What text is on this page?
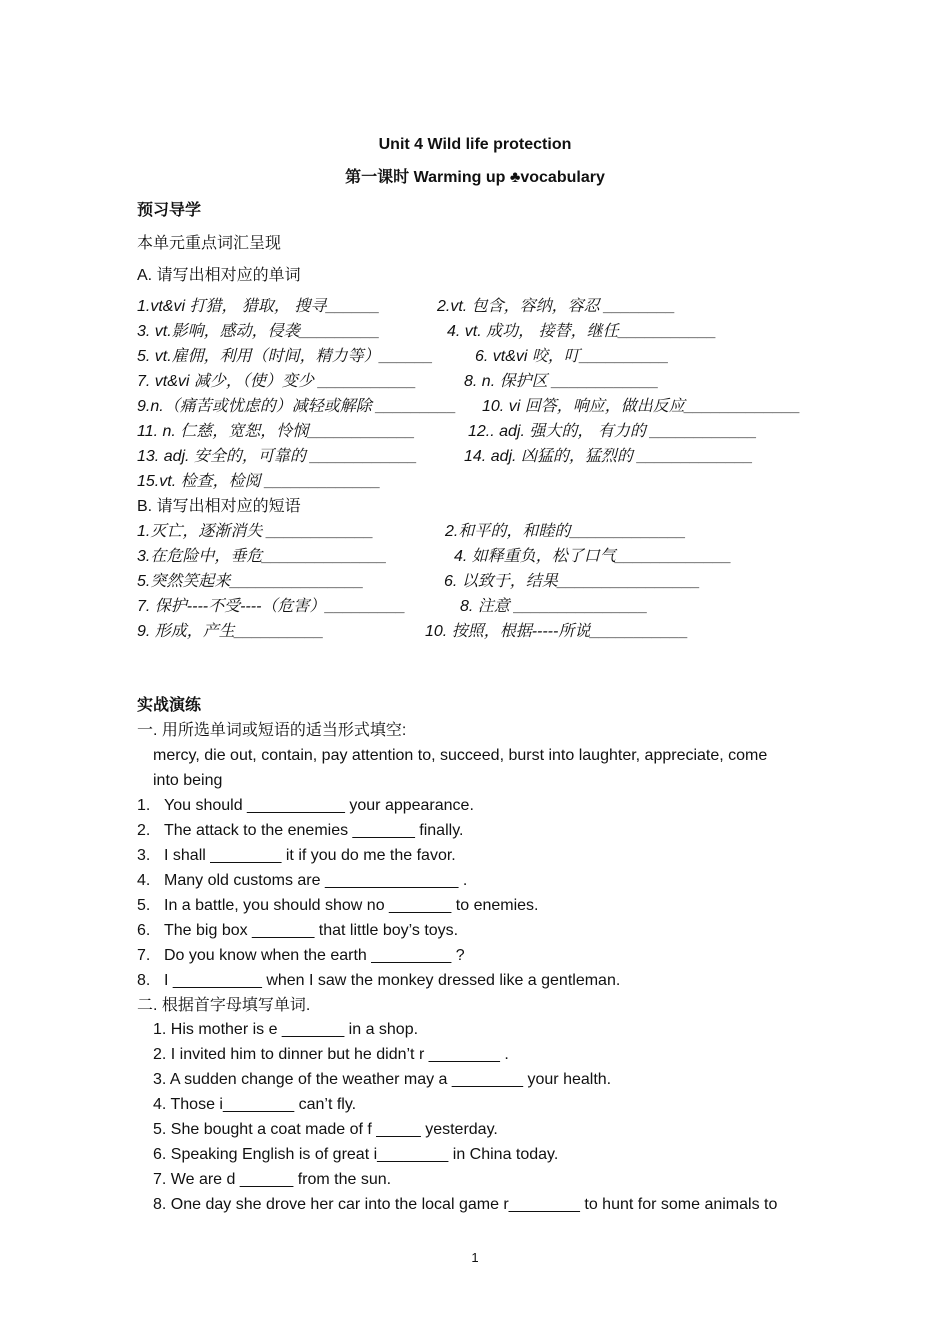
Unit 4 Wild life protection
第一课时 Warming up ♣vocabulary
预习导学
本单元重点词汇呈现
A. 请写出相对应的单词
1.vt&vi 打猎， 猎取， 搜寻______	2.vt. 包含，容纳，容忍 ________
3. vt.影响，感动，侵袭_________	4. vt. 成功， 接替，继任___________
5. vt.雇佣，利用（时间，精力等）______	6. vt&vi 咬，叮__________
7. vt&vi 减少，（使）变少 ___________	8. n. 保护区 ____________
9.n.（痛苦或忧虑的）减轻或解除 _________ 10. vi 回答，响应，做出反应_____________
11. n. 仁慈，宽恕，怜悯____________	12.. adj. 强大的， 有力的 ____________
13. adj. 安全的，可靠的 ____________	14. adj. 凶猛的，猛烈的 _____________
15.vt. 检查，检阅 _____________
B. 请写出相对应的短语
1.灭亡，逐渐消失 ____________	2.和平的，和睦的_____________
3.在危险中，垂危______________	4. 如释重负，松了口气_____________
5.突然笑起来_______________	6. 以致于，结果________________
7. 保护----不受----（危害）_________	8. 注意 _______________
9. 形成，产生__________	10. 按照，根据-----所说___________
实战演练
一. 用所选单词或短语的适当形式填空:
mercy, die out, contain, pay attention to, succeed, burst into laughter, appreciate, come
into being
1. You should ___________ your appearance.
2. The attack to the enemies _______ finally.
3. I shall ________ it if you do me the favor.
4. Many old customs are _______________ .
5. In a battle, you should show no _______ to enemies.
6. The big box _______ that little boy’s toys.
7. Do you know when the earth _________ ?
8. I __________ when I saw the monkey dressed like a gentleman.
二. 根据首字母填写单词.
1. His mother is e _______ in a shop.
2. I invited him to dinner but he didn’t r ________ .
3. A sudden change of the weather may a ________ your health.
4. Those i________ can’t fly.
5. She bought a coat made of f _____ yesterday.
6. Speaking English is of great i________ in China today.
7. We are d ______ from the sun.
8. One day she drove her car into the local game r________ to hunt for some animals to
1
